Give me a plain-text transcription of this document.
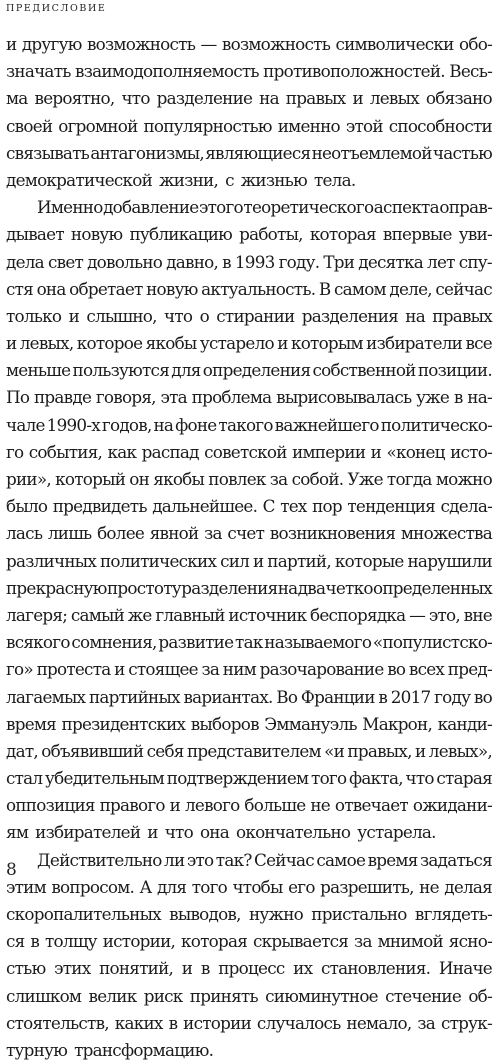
ПРЕДИСЛОВИЕ
и другую возможность — возможность символически обо-
значать взаимодополняемость противоположностей. Весь-
ма вероятно, что разделение на правых и левых обязано
своей огромной популярностью именно этой способности
связывать антагонизмы, являющиеся неотъемлемой частью
демократической жизни, с жизнью тела.
Именно добавление этого теоретического аспекта оправ-
дывает новую публикацию работы, которая впервые уви-
дела свет довольно давно, в 1993 году. Три десятка лет спу-
стя она обретает новую актуальность. В самом деле, сейчас
только и слышно, что о стирании разделения на правых
и левых, которое якобы устарело и которым избиратели все
меньше пользуются для определения собственной позиции.
По правде говоря, эта проблема вырисовывалась уже в на-
чале 1990-х годов, на фоне такого важнейшего политическо-
го события, как распад советской империи и «конец исто-
рии», который он якобы повлек за собой. Уже тогда можно
было предвидеть дальнейшее. С тех пор тенденция сдела-
лась лишь более явной за счет возникновения множества
различных политических сил и партий, которые нарушили
прекрасную простоту разделения на два четко определенных
лагеря; самый же главный источник беспорядка — это, вне
всякого сомнения, развитие так называемого «популистско-
го» протеста и стоящее за ним разочарование во всех пред-
лагаемых партийных вариантах. Во Франции в 2017 году во
время президентских выборов Эммануэль Макрон, канди-
дат, объявивший себя представителем «и правых, и левых»,
стал убедительным подтверждением того факта, что старая
оппозиция правого и левого больше не отвечает ожидани-
ям избирателей и что она окончательно устарела.
Действительно ли это так? Сейчас самое время задаться
этим вопросом. А для того чтобы его разрешить, не делая
скоропалительных выводов, нужно пристально вглядеть-
ся в толщу истории, которая скрывается за мнимой ясно-
стью этих понятий, и в процесс их становления. Иначе
слишком велик риск принять сиюминутное стечение об-
стоятельств, каких в истории случалось немало, за струк-
турную трансформацию.
8
